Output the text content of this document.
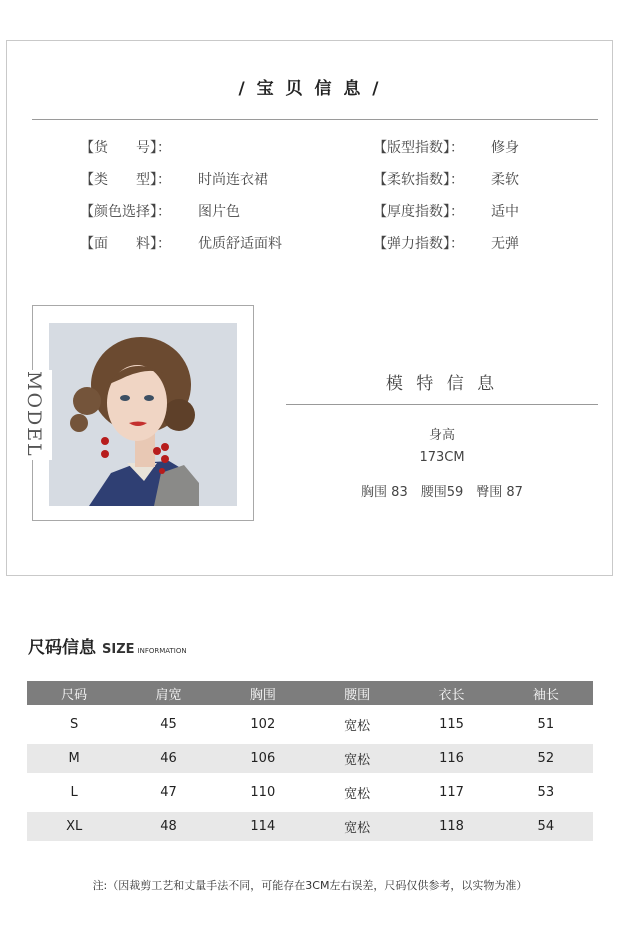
/ 宝 贝 信 息 /
【货　　号】：
【类　　型】： 时尚连衣裙
【颜色选择】： 图片色
【面　　料】： 优质舒适面料
【版型指数】： 修身
【柔软指数】： 柔软
【厚度指数】： 适中
【弹力指数】： 无弹
MODEL	模 特 信 息
身高
173CM
胸围 83　腰围59　臀围 87
尺码信息 SIZE INFORMATION
尺码	肩宽	胸围	腰围	衣长	袖长
S	45	102	宽松	115	51
M	46	106	宽松	116	52
L	47	110	宽松	117	53
XL	48	114	宽松	118	54
注:（因裁剪工艺和丈量手法不同，可能存在3CM左右误差，尺码仅供参考，以实物为准）
